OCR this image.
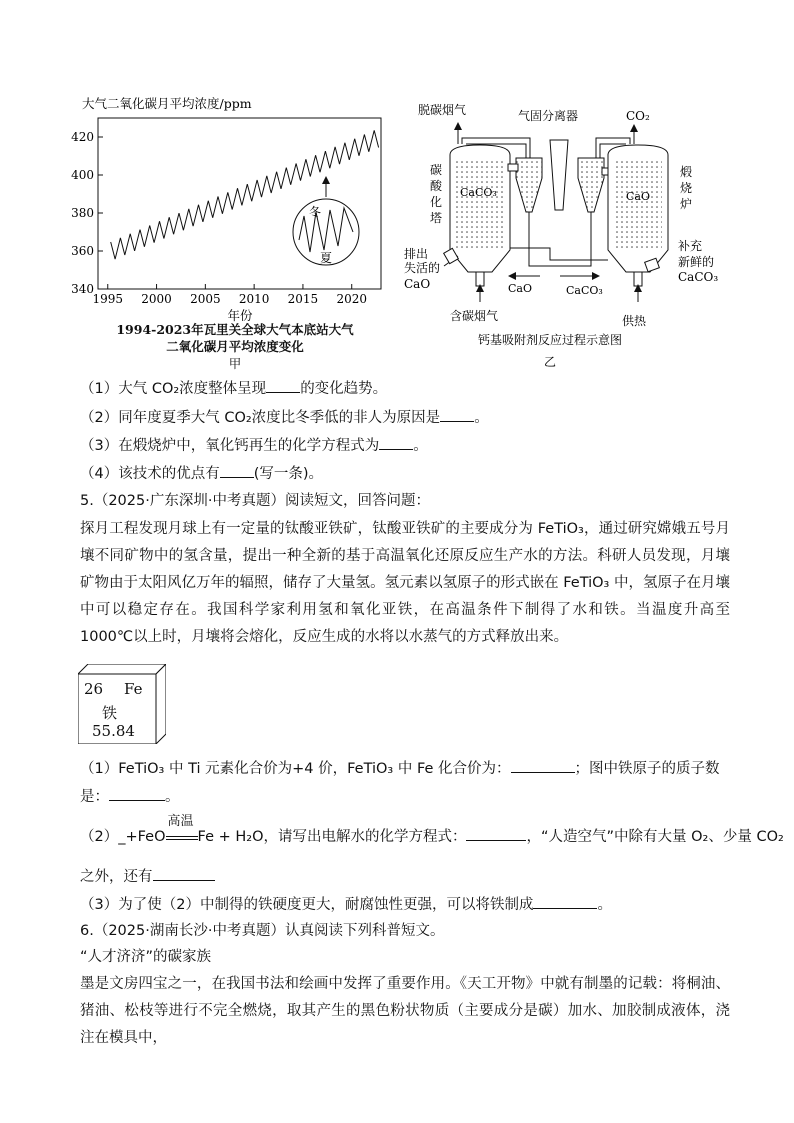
大气二氧化碳月平均浓度/ppm
340
360
380
400
420
1995 2000 2005 2010 2015 2020
冬
夏
年份
1994-2023年瓦里关全球大气本底站大气
二氧化碳月平均浓度变化
甲
脱碳烟气	气固分离器	CO₂
CaCO₃
碳
酸
化
塔
CaO
煅
烧
炉
CaO	CaCO₃
排出
失活的
CaO
补充
新鲜的
CaCO₃
含碳烟气	供热
钙基吸附剂反应过程示意图
乙
（1）大气 CO₂浓度整体呈现 的变化趋势。
（2）同年度夏季大气 CO₂浓度比冬季低的非人为原因是 。
（3）在煅烧炉中，氧化钙再生的化学方程式为 。
（4）该技术的优点有 (写一条)。
5.（2025·广东深圳·中考真题）阅读短文，回答问题：
探月工程发现月球上有一定量的钛酸亚铁矿，钛酸亚铁矿的主要成分为 FeTiO₃，通过研究嫦娥五号月壤不同矿物中的氢含量，提出一种全新的基于高温氧化还原反应生产水的方法。科研人员发现，月壤矿物由于太阳风亿万年的辐照，储存了大量氢。氢元素以氢原子的形式嵌在 FeTiO₃ 中，氢原子在月壤中可以稳定存在。我国科学家利用氢和氧化亚铁，在高温条件下制得了水和铁。当温度升高至 1000℃以上时，月壤将会熔化，反应生成的水将以水蒸气的方式释放出来。
26 Fe
铁
55.84
（1）FeTiO₃ 中 Ti 元素化合价为+4 价，FeTiO₃ 中 Fe 化合价为：	；图中铁原子的质子数
是：	。
（2）_+FeO
高温
Fe + H₂O，请写出电解水的化学方程式：	，“人造空气”中除有大量 O₂、少量 CO₂
之外，还有
（3）为了使（2）中制得的铁硬度更大，耐腐蚀性更强，可以将铁制成	。
6.（2025·湖南长沙·中考真题）认真阅读下列科普短文。
“人才济济”的碳家族
墨是文房四宝之一，在我国书法和绘画中发挥了重要作用。《天工开物》中就有制墨的记载：将桐油、猪油、松枝等进行不完全燃烧，取其产生的黑色粉状物质（主要成分是碳）加水、加胶制成液体，浇注在模具中，
